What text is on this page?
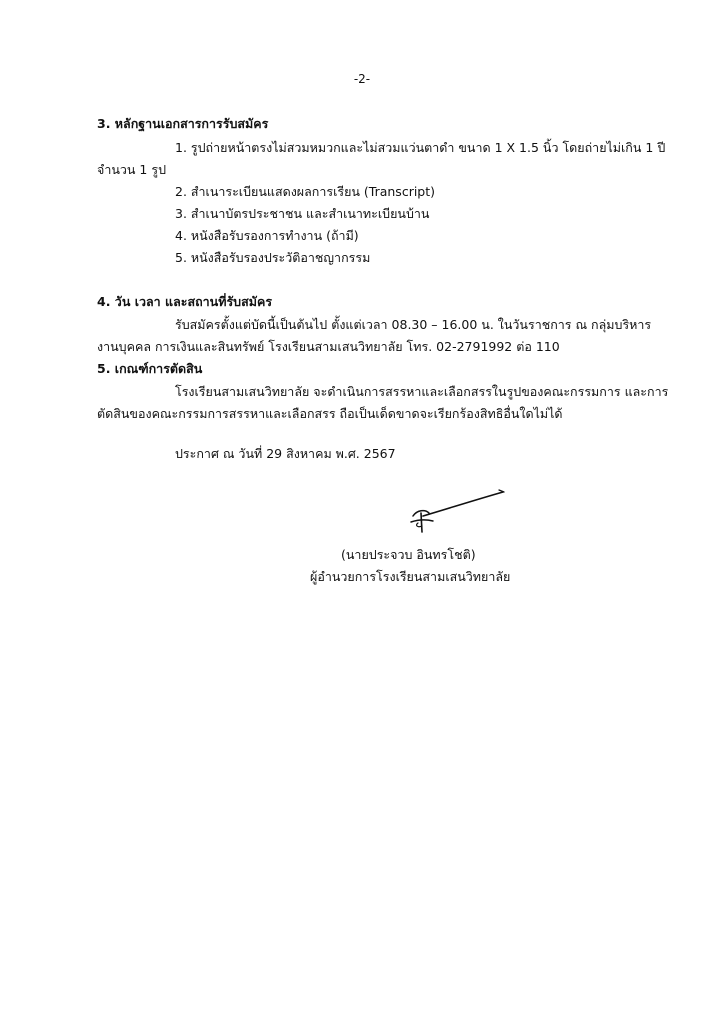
-2-
3. หลักฐานเอกสารการรับสมัคร
1. รูปถ่ายหน้าตรงไม่สวมหมวกและไม่สวมแว่นตาดำ ขนาด 1 X 1.5 นิ้ว โดยถ่ายไม่เกิน 1 ปี
จำนวน 1 รูป
2. สำเนาระเบียนแสดงผลการเรียน (Transcript)
3. สำเนาบัตรประชาชน และสำเนาทะเบียนบ้าน
4. หนังสือรับรองการทำงาน (ถ้ามี)
5. หนังสือรับรองประวัติอาชญากรรม
4. วัน เวลา และสถานที่รับสมัคร
รับสมัครตั้งแต่บัดนี้เป็นต้นไป ตั้งแต่เวลา 08.30 – 16.00 น. ในวันราชการ ณ กลุ่มบริหาร
งานบุคคล การเงินและสินทรัพย์ โรงเรียนสามเสนวิทยาลัย โทร. 02-2791992 ต่อ 110
5. เกณฑ์การตัดสิน
โรงเรียนสามเสนวิทยาลัย จะดำเนินการสรรหาและเลือกสรรในรูปของคณะกรรมการ และการ
ตัดสินของคณะกรรมการสรรหาและเลือกสรร ถือเป็นเด็ดขาดจะเรียกร้องสิทธิอื่นใดไม่ได้
ประกาศ ณ วันที่ 29 สิงหาคม พ.ศ. 2567
(นายประจวบ อินทรโชติ)
ผู้อำนวยการโรงเรียนสามเสนวิทยาลัย
